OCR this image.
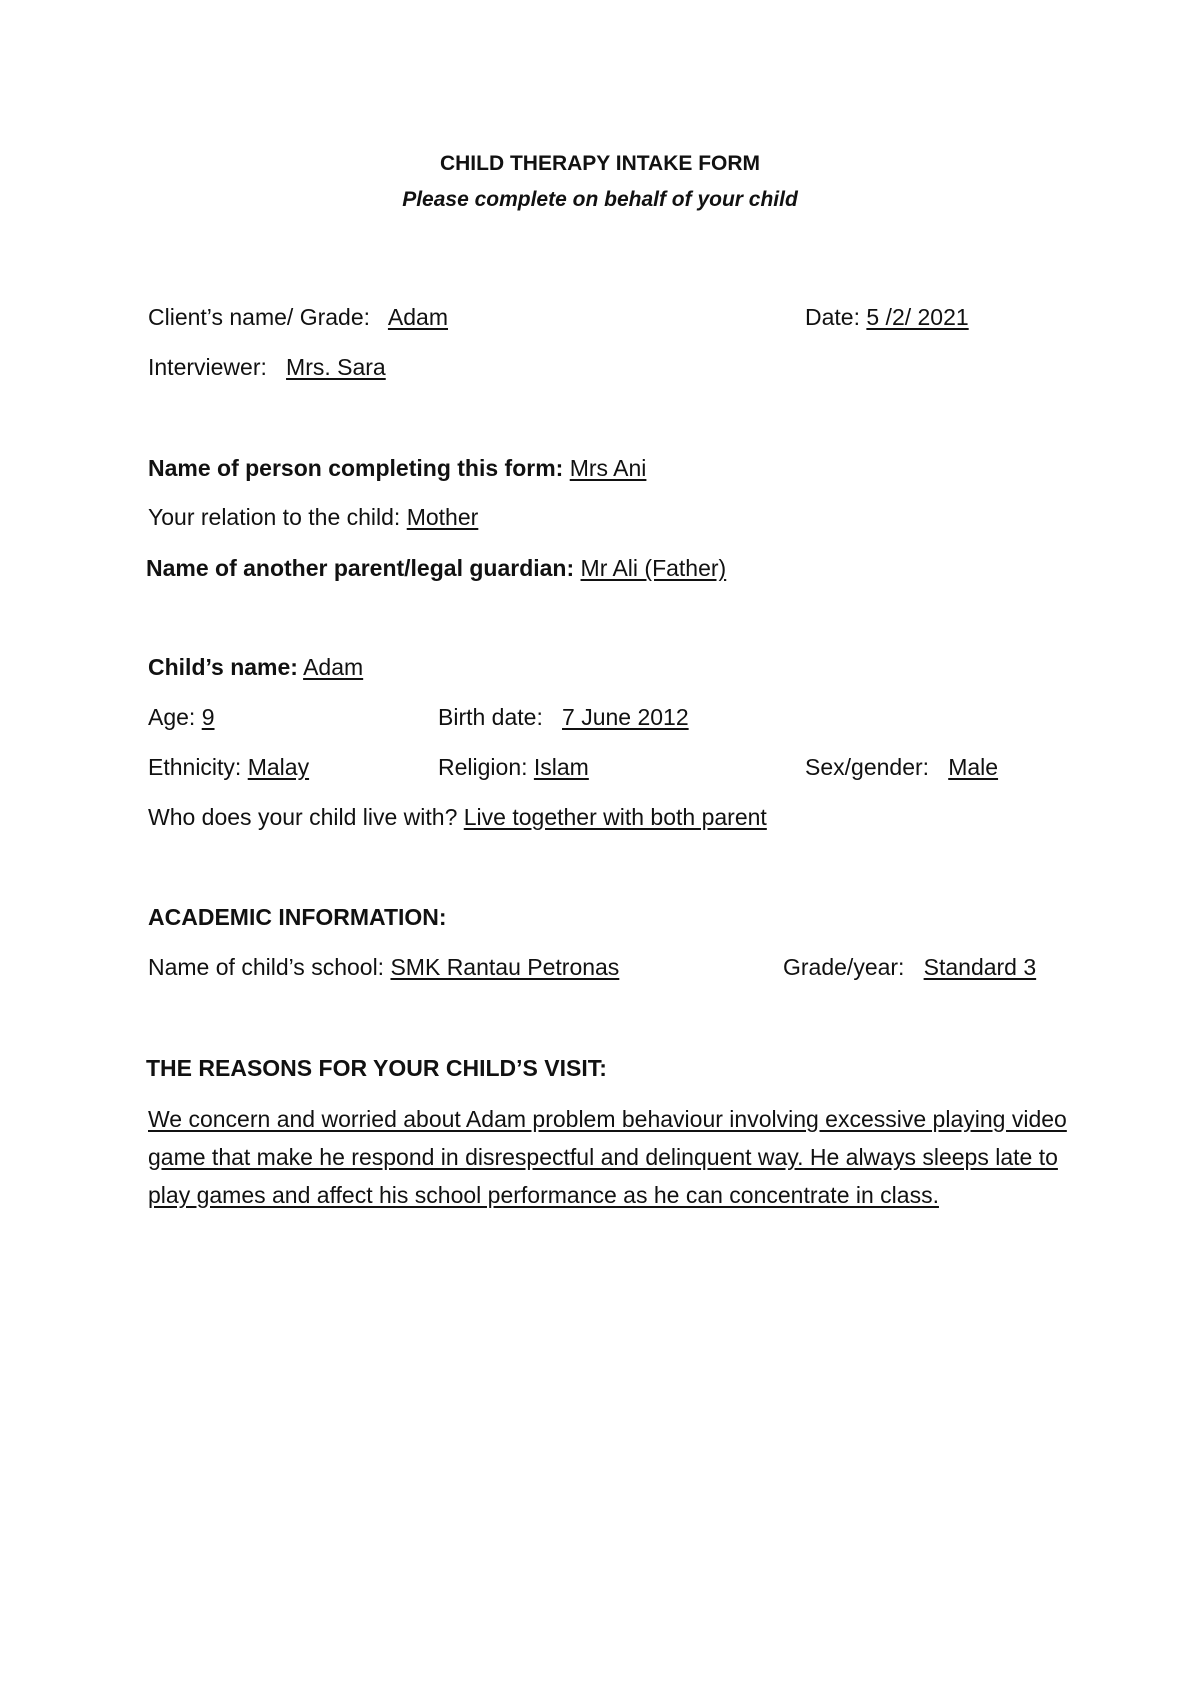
CHILD THERAPY INTAKE FORM
Please complete on behalf of your child
Client’s name/ Grade: Adam	Date: 5 /2/ 2021
Interviewer: Mrs. Sara
Name of person completing this form: Mrs Ani
Your relation to the child: Mother
Name of another parent/legal guardian: Mr Ali (Father)
Child’s name: Adam
Age: 9	Birth date: 7 June 2012
Ethnicity: Malay	Religion: Islam	Sex/gender: Male
Who does your child live with? Live together with both parent
ACADEMIC INFORMATION:
Name of child’s school: SMK Rantau Petronas	Grade/year: Standard 3
THE REASONS FOR YOUR CHILD’S VISIT:
We concern and worried about Adam problem behaviour involving excessive playing video game that make he respond in disrespectful and delinquent way. He always sleeps late to play games and affect his school performance as he can concentrate in class.
